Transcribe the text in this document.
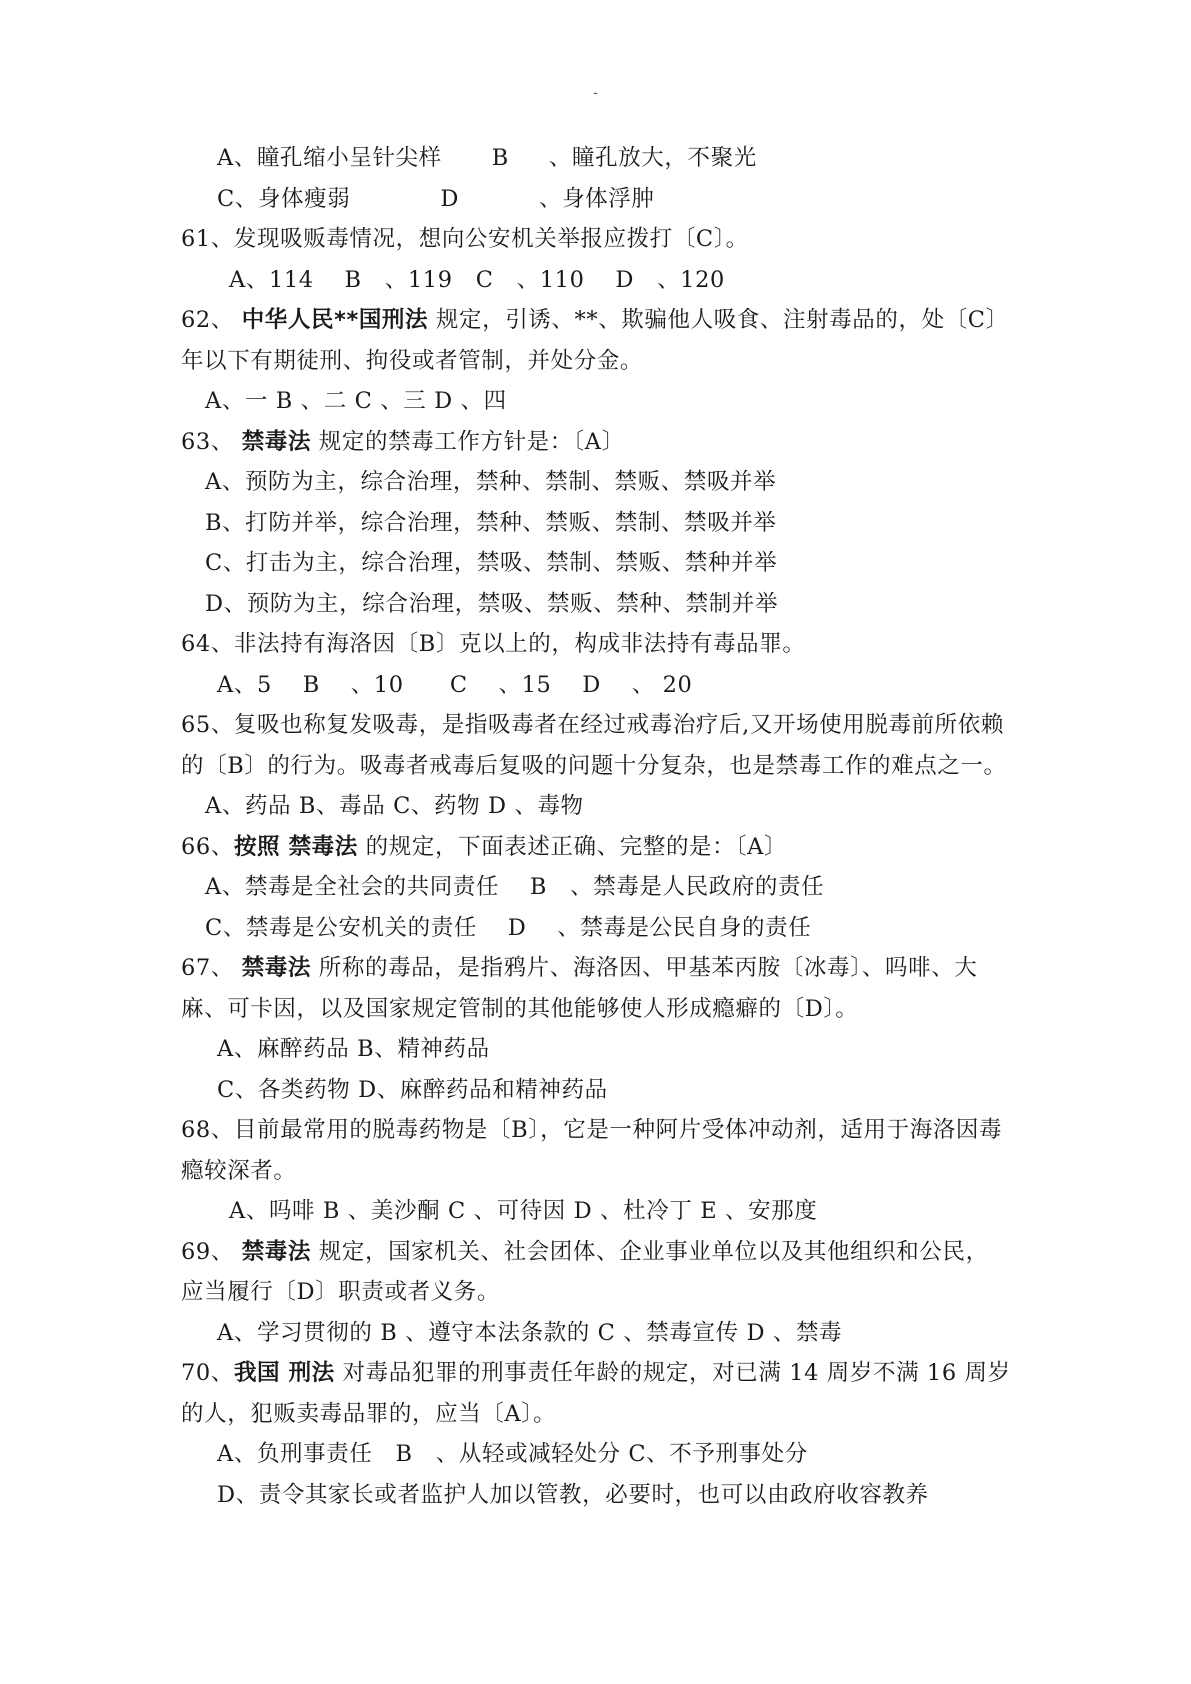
-
A、瞳孔缩小呈针尖样 B 、瞳孔放大，不聚光
C、身体瘦弱	D	、身体浮肿
61、发现吸贩毒情况，想向公安机关举报应拨打〔C〕。
A、114　 B　、119　C　、110　 D　、120
62、 中华人民**国刑法 规定，引诱、**、欺骗他人吸食、注射毒品的，处〔C〕
年以下有期徒刑、拘役或者管制，并处分金。
A、一 B 、二 C 、三 D 、四
63、 禁毒法 规定的禁毒工作方针是：〔A〕
A、预防为主，综合治理，禁种、禁制、禁贩、禁吸并举
B、打防并举，综合治理，禁种、禁贩、禁制、禁吸并举
C、打击为主，综合治理，禁吸、禁制、禁贩、禁种并举
D、预防为主，综合治理，禁吸、禁贩、禁种、禁制并举
64、非法持有海洛因〔B〕克以上的，构成非法持有毒品罪。
A、5　 B　 、10　　C　 、15　 D　 、 20
65、复吸也称复发吸毒，是指吸毒者在经过戒毒治疗后,又开场使用脱毒前所依赖
的〔B〕的行为。吸毒者戒毒后复吸的问题十分复杂，也是禁毒工作的难点之一。
A、药品 B、毒品 C、药物 D 、毒物
66、按照 禁毒法 的规定，下面表述正确、完整的是：〔A〕
A、禁毒是全社会的共同责任　 B　、禁毒是人民政府的责任
C、禁毒是公安机关的责任　 D　 、禁毒是公民自身的责任
67、 禁毒法 所称的毒品，是指鸦片、海洛因、甲基苯丙胺〔冰毒〕、吗啡、大
麻、可卡因，以及国家规定管制的其他能够使人形成瘾癖的〔D〕。
A、麻醉药品 B、精神药品
C、各类药物 D、麻醉药品和精神药品
68、目前最常用的脱毒药物是〔B〕，它是一种阿片受体冲动剂，适用于海洛因毒
瘾较深者。
A、吗啡 B 、美沙酮 C 、可待因 D 、杜冷丁 E 、安那度
69、 禁毒法 规定，国家机关、社会团体、企业事业单位以及其他组织和公民，
应当履行〔D〕职责或者义务。
A、学习贯彻的 B 、遵守本法条款的 C 、禁毒宣传 D 、禁毒
70、我国 刑法 对毒品犯罪的刑事责任年龄的规定，对已满 14 周岁不满 16 周岁
的人，犯贩卖毒品罪的，应当〔A〕。
A、负刑事责任　B　、从轻或减轻处分 C、不予刑事处分
D、责令其家长或者监护人加以管教，必要时，也可以由政府收容教养
